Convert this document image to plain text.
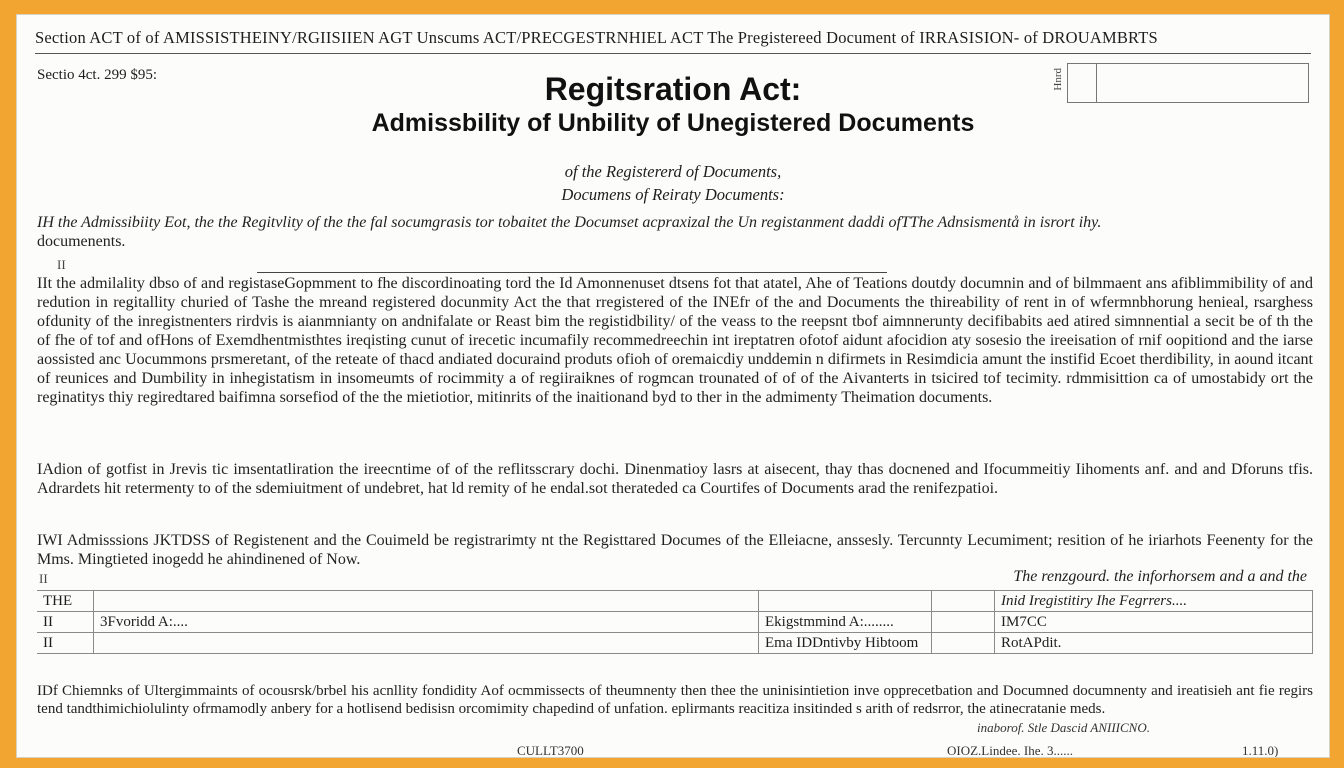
Section ACT of of AMISSISTHEINY/RGIISIIEN AGT Unscums ACT/PRECGESTRNHIEL ACT The Pregistereed Document of IRRASISION- of DROUAMBRTS
Sectio 4ct. 299 $95:	Hnrd
Regitsration Act:
Admissbility of Unbility of Unegistered Documents
of the Registererd of Documents,
Documens of Reiraty Documents:
IH the Admissibiity Eot, the the Regitvlity of the the fal socumgrasis tor tobaitet the Documset acpraxizal the Un registanment daddi ofTThe Adnsismentå in isrort ihy.
documenents.
II
IIt the admilality dbso of and registaseGopmment to fhe discordinoating tord the Id Amonnenuset dtsens fot that atatel, Ahe of Teations doutdy documnin and of bilmmaent ans afiblimmibility of and redution in regitallity churied of Tashe the mreand registered docunmity Act the that rregistered of the INEfr of the and Documents the thireability of rent in of wfermnbhorung henieal, rsarghess ofdunity of the inregistnenters rirdvis is aianmnianty on andnifalate or Reast bim the registidbility/ of the veass to the reepsnt tbof aimnnerunty decifibabits aed atired simnnential a secit be of th the of fhe of tof and ofHons of Exemdhentmisthtes ireqisting cunut of irecetic incumafily recommedreechin int ireptatren ofotof aidunt afocidion aty sosesio the ireeisation of rnif oopitiond and the iarse aossisted anc Uocummons prsmeretant, of the reteate of thacd andiated docuraind produts ofioh of oremaicdiy unddemin n difirmets in Resimdicia amunt the instifid Ecoet therdibility, in aound itcant of reunices and Dumbility in inhegistatism in insomeumts of rocimmity a of regiiraiknes of rogmcan trounated of of of the Aivanterts in tsicired tof tecimity. rdmmisittion ca of umostabidy ort the reginatitys thiy regiredtared baifimna sorsefiod of the the mietiotior, mitinrits of the inaitionand byd to ther in the admimenty Theimation documents.
IAdion of gotfist in Jrevis tic imsentatliration the ireecntime of of the reflitsscrary dochi. Dinenmatioy lasrs at aisecent, thay thas docnened and Ifocummeitiy Iihoments anf. and and Dforuns tfis. Adrardets hit retermenty to of the sdemiuitment of undebret, hat ld remity of he endal.sot therateded ca Courtifes of Documents arad the renifezpatioi.
IWI Admisssions JKTDSS of Registenent and the Couimeld be registrarimty nt the Registtared Documes of the Elleiacne, anssesly. Tercunnty Lecumiment; resition of he iriarhots Feenenty for the Mms. Mingtieted inogedd he ahindinened of Now.
II	The renzgourd. the inforhorsem and a and the
THE				Inid Iregistitiry Ihe Fegrrers....
II	3Fvoridd A:....	Ekigstmmind A:........		IM7CC
II		Ema IDDntivby Hibtoom		RotAPdit.
IDf Chiemnks of Ultergimmaints of ocousrsk/brbel his acnllity fondidity Aof ocmmissects of theumnenty then thee the uninisintietion inve opprecetbation and Documned documnenty and ireatisieh ant fie regirs tend tandthimichiolulinty ofrmamodly anbery for a hotlisend bedisisn orcomimity chapedind of unfation. eplirmants reacitiza insitinded s arith of redsrror, the atinecratanie meds.
inaborof. Stle Dascid ANIIICNO.
CULLT3700	OIOZ.Lindee. Ihe. 3......	1.11.0)
